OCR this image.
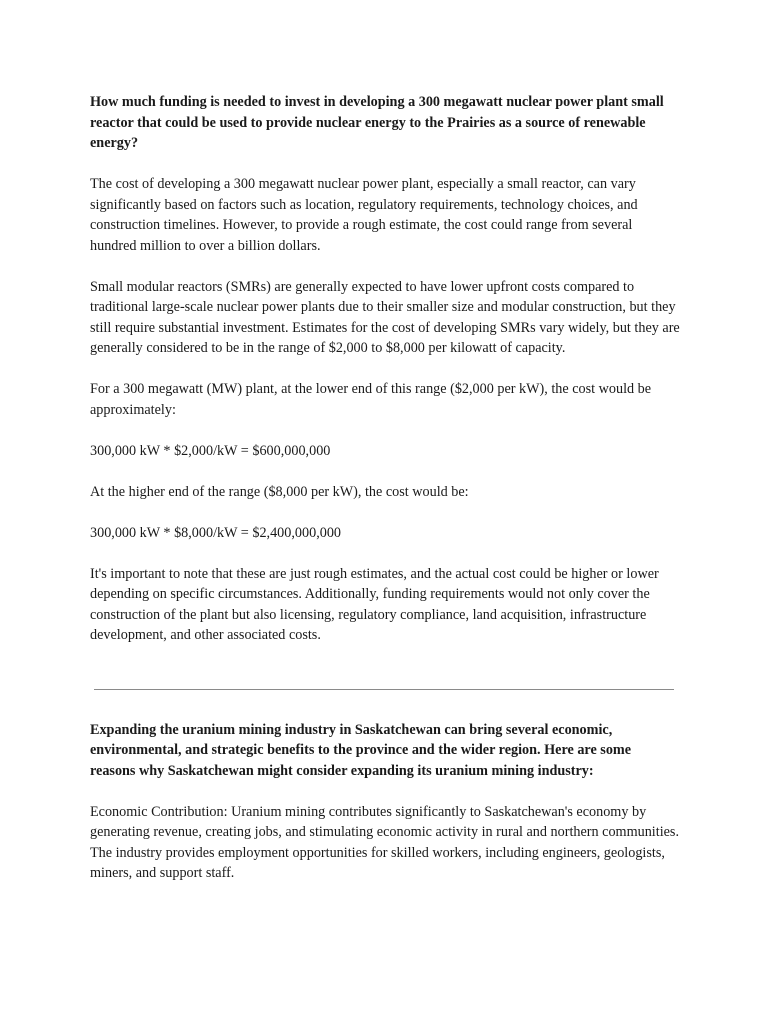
How much funding is needed to invest in developing a 300 megawatt nuclear power plant small reactor that could be used to provide nuclear energy to the Prairies as a source of renewable energy?

The cost of developing a 300 megawatt nuclear power plant, especially a small reactor, can vary significantly based on factors such as location, regulatory requirements, technology choices, and construction timelines. However, to provide a rough estimate, the cost could range from several hundred million to over a billion dollars.

Small modular reactors (SMRs) are generally expected to have lower upfront costs compared to traditional large-scale nuclear power plants due to their smaller size and modular construction, but they still require substantial investment. Estimates for the cost of developing SMRs vary widely, but they are generally considered to be in the range of $2,000 to $8,000 per kilowatt of capacity.

For a 300 megawatt (MW) plant, at the lower end of this range ($2,000 per kW), the cost would be approximately:

300,000 kW * $2,000/kW = $600,000,000

At the higher end of the range ($8,000 per kW), the cost would be:

300,000 kW * $8,000/kW = $2,400,000,000

It's important to note that these are just rough estimates, and the actual cost could be higher or lower depending on specific circumstances. Additionally, funding requirements would not only cover the construction of the plant but also licensing, regulatory compliance, land acquisition, infrastructure development, and other associated costs.

Expanding the uranium mining industry in Saskatchewan can bring several economic, environmental, and strategic benefits to the province and the wider region. Here are some reasons why Saskatchewan might consider expanding its uranium mining industry:

Economic Contribution: Uranium mining contributes significantly to Saskatchewan's economy by generating revenue, creating jobs, and stimulating economic activity in rural and northern communities. The industry provides employment opportunities for skilled workers, including engineers, geologists, miners, and support staff.
